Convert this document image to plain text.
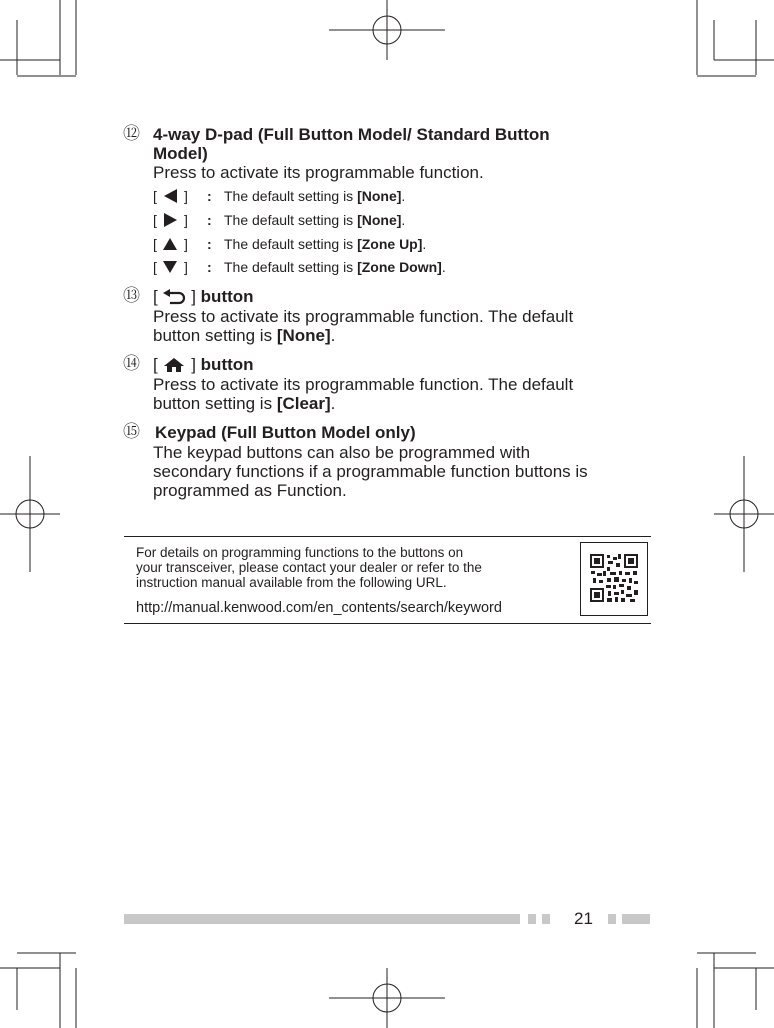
⑫ 4-way D-pad (Full Button Model/ Standard Button
Model)
Press to activate its programmable function.
[ ] : The default setting is [None].
[ ] : The default setting is [None].
[ ] : The default setting is [Zone Up].
[ ] : The default setting is [Zone Down].
⑬ [ ] button
Press to activate its programmable function. The default
button setting is [None].
⑭ [ ] button
Press to activate its programmable function. The default
button setting is [Clear].
⑮ Keypad (Full Button Model only)
The keypad buttons can also be programmed with
secondary functions if a programmable function buttons is
programmed as Function.
For details on programming functions to the buttons on
your transceiver, please contact your dealer or refer to the
instruction manual available from the following URL.
http://manual.kenwood.com/en_contents/search/keyword
21
